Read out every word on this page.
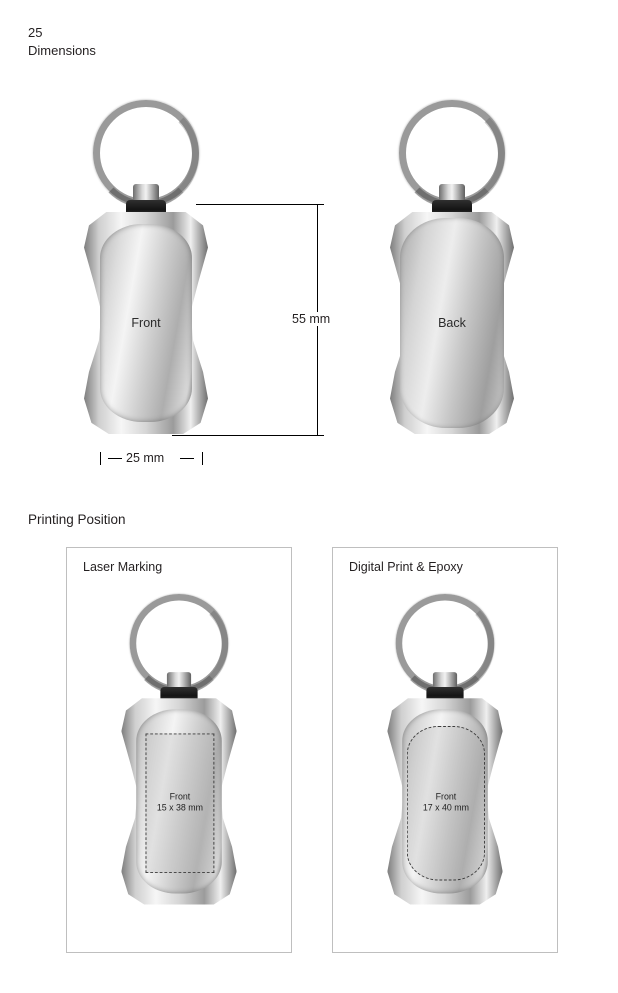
25
Dimensions
Front	Back
55 mm
25 mm
Printing Position
Laser Marking
Front
15 x 38 mm
Digital Print & Epoxy
Front
17 x 40 mm
